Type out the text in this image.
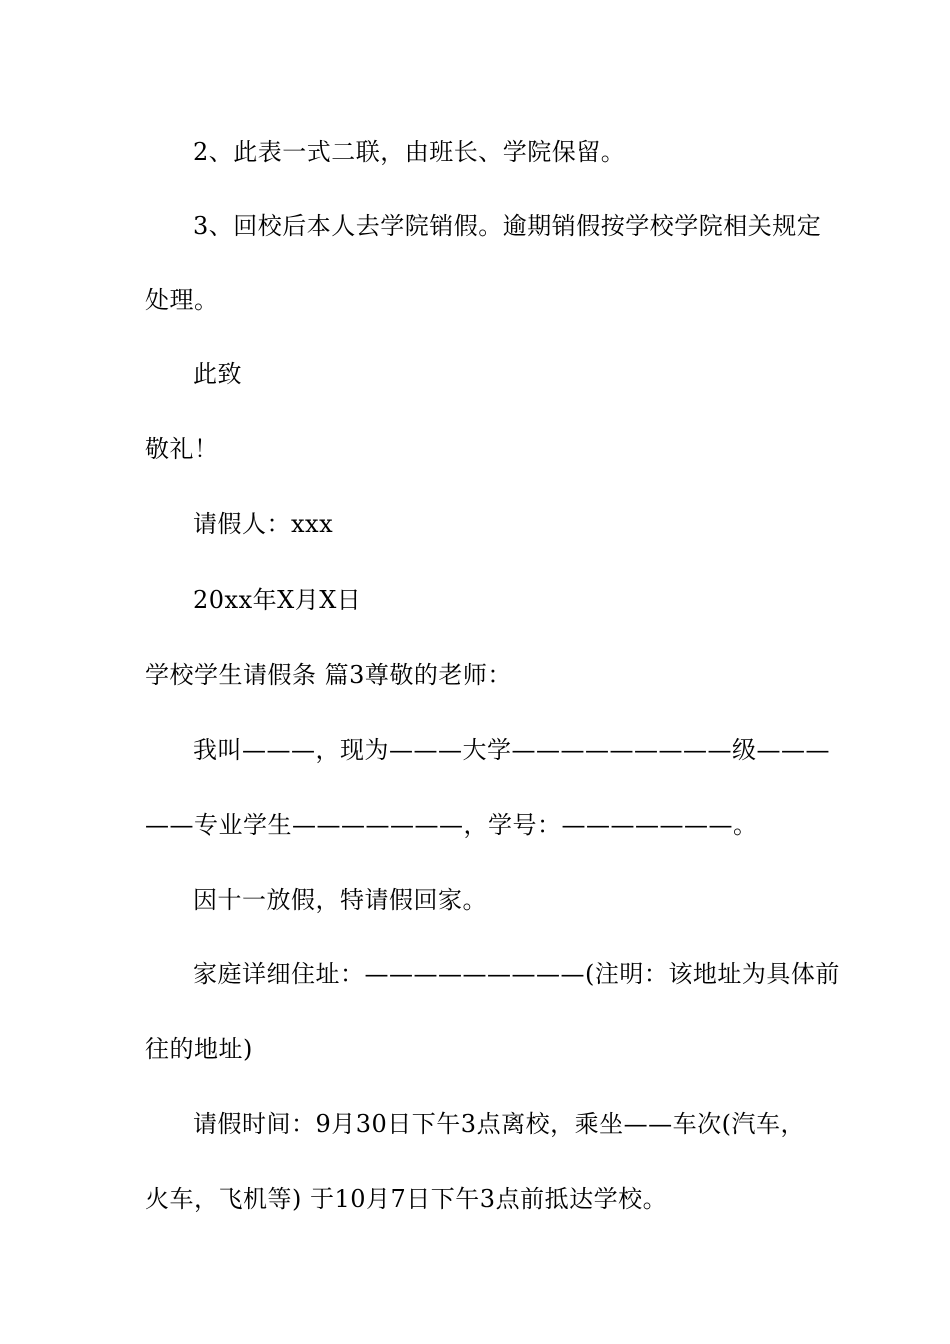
2、此表一式二联，由班长、学院保留。
3、回校后本人去学院销假。逾期销假按学校学院相关规定
处理。
此致
敬礼！
请假人：xxx
20xx年X月X日
学校学生请假条 篇3尊敬的老师：
我叫———，现为———大学—————————级———
——专业学生———————，学号：———————。
因十一放假，特请假回家。
家庭详细住址：—————————(注明：该地址为具体前
往的地址)
请假时间：9月30日下午3点离校，乘坐——车次(汽车，
火车，飞机等) 于10月7日下午3点前抵达学校。
